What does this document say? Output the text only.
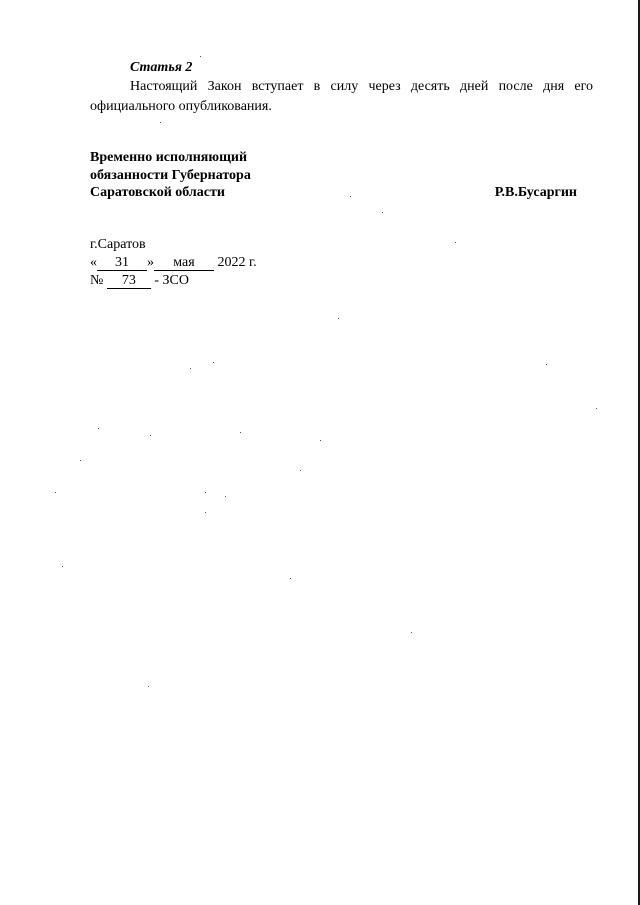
Статья 2
Настоящий Закон вступает в силу через десять дней после дня его официального опубликования.
Временно исполняющий
обязанности Губернатора
Саратовской области	Р.В.Бусаргин
г.Саратов
« 31 » мая 2022 г.
№ 73 - ЗСО
